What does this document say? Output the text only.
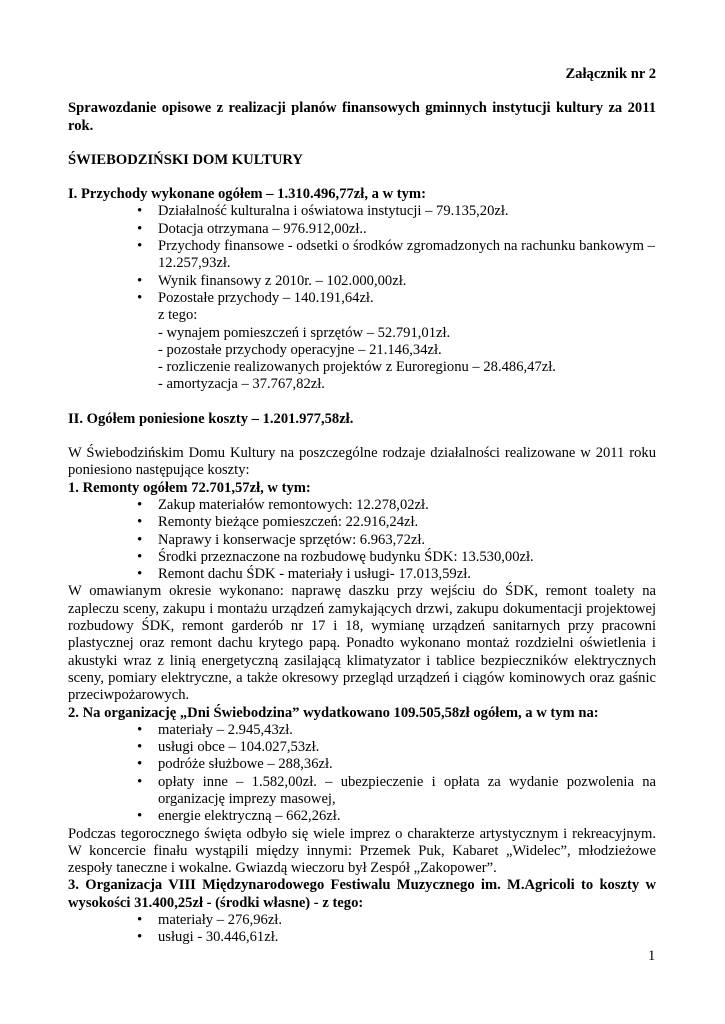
Załącznik nr 2

Sprawozdanie opisowe z realizacji planów finansowych gminnych instytucji kultury za 2011 rok.

ŚWIEBODZIŃSKI DOM KULTURY

I. Przychody wykonane ogółem – 1.310.496,77zł, a w tym:

• Działalność kulturalna i oświatowa instytucji – 79.135,20zł.
• Dotacja otrzymana – 976.912,00zł..
• Przychody finansowe - odsetki o środków zgromadzonych na rachunku bankowym – 12.257,93zł.
• Wynik finansowy z 2010r. – 102.000,00zł.
• Pozostałe przychody – 140.191,64zł.

z tego:

- wynajem pomieszczeń i sprzętów – 52.791,01zł.

- pozostałe przychody operacyjne – 21.146,34zł.

- rozliczenie realizowanych projektów z Euroregionu – 28.486,47zł.

- amortyzacja – 37.767,82zł.

II. Ogółem poniesione koszty – 1.201.977,58zł.

W Świebodzińskim Domu Kultury na poszczególne rodzaje działalności realizowane w 2011 roku poniesiono następujące koszty:

1. Remonty ogółem 72.701,57zł, w tym:

• Zakup materiałów remontowych: 12.278,02zł.
• Remonty bieżące pomieszczeń: 22.916,24zł.
• Naprawy i konserwacje sprzętów: 6.963,72zł.
• Środki przeznaczone na rozbudowę budynku ŚDK: 13.530,00zł.
• Remont dachu ŚDK - materiały i usługi- 17.013,59zł.

W omawianym okresie wykonano: naprawę daszku przy wejściu do ŚDK, remont toalety na zapleczu sceny, zakupu i montażu urządzeń zamykających drzwi, zakupu dokumentacji projektowej rozbudowy ŚDK, remont garderób nr 17 i 18, wymianę urządzeń sanitarnych przy pracowni plastycznej oraz remont dachu krytego papą. Ponadto wykonano montaż rozdzielni oświetlenia i akustyki wraz z linią energetyczną zasilającą klimatyzator i tablice bezpieczników elektrycznych sceny, pomiary elektryczne, a także okresowy przegląd urządzeń i ciągów kominowych oraz gaśnic przeciwpożarowych.

2. Na organizację „Dni Świebodzina” wydatkowano 109.505,58zł ogółem, a w tym na:

• materiały – 2.945,43zł.
• usługi obce – 104.027,53zł.
• podróże służbowe – 288,36zł.
• opłaty inne – 1.582,00zł. – ubezpieczenie i opłata za wydanie pozwolenia na organizację imprezy masowej,
• energie elektryczną – 662,26zł.

Podczas tegorocznego święta odbyło się wiele imprez o charakterze artystycznym i rekreacyjnym. W koncercie finału wystąpili między innymi: Przemek Puk, Kabaret „Widelec”, młodzieżowe zespoły taneczne i wokalne. Gwiazdą wieczoru był Zespół „Zakopower”.

3. Organizacja VIII Międzynarodowego Festiwalu Muzycznego im. M.Agricoli to koszty w wysokości 31.400,25zł - (środki własne) - z tego:

• materiały – 276,96zł.
• usługi - 30.446,61zł.
1
